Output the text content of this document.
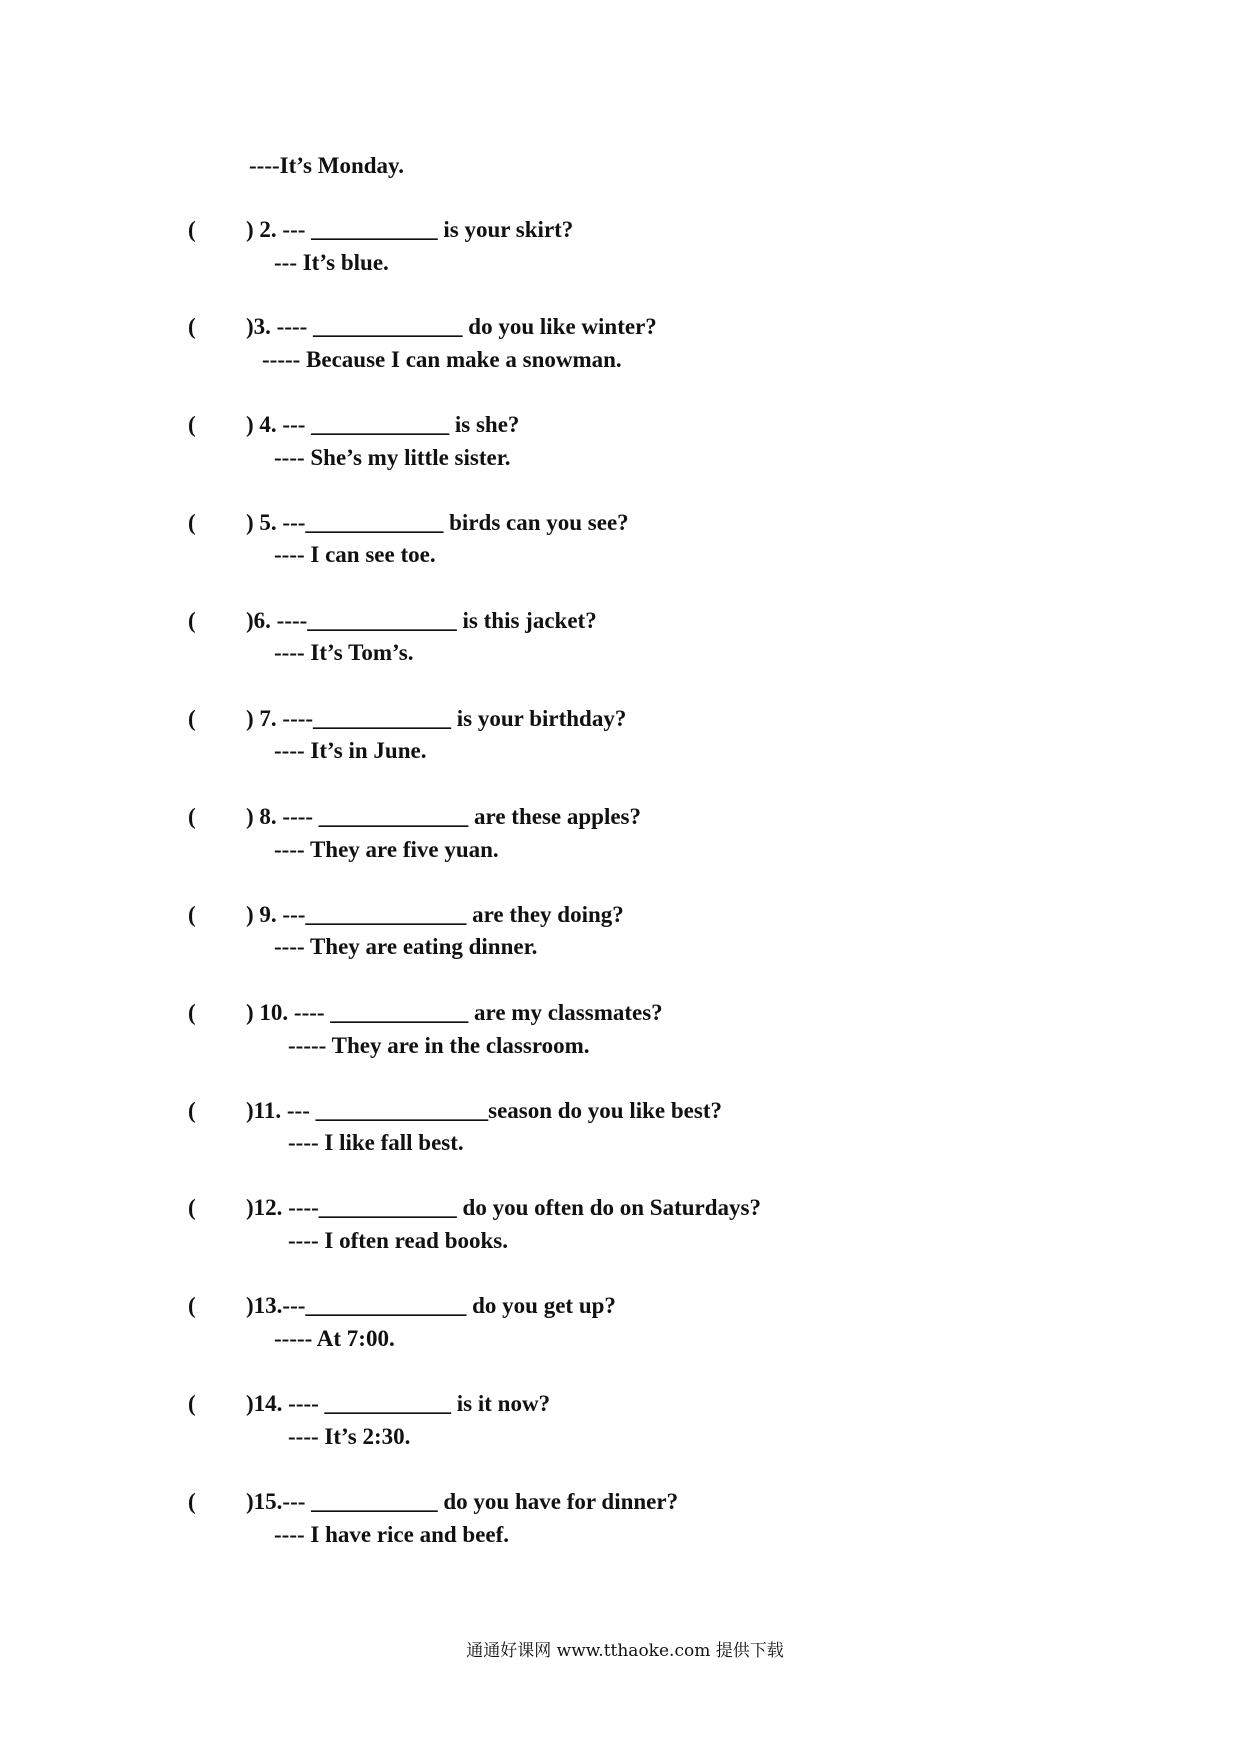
----It’s Monday.
( ) 2. --- ___________ is your skirt?
--- It’s blue.
( )3. ---- _____________ do you like winter?
----- Because I can make a snowman.
( ) 4. --- ____________ is she?
---- She’s my little sister.
( ) 5. ---____________ birds can you see?
---- I can see toe.
( )6. ----_____________ is this jacket?
---- It’s Tom’s.
( ) 7. ----____________ is your birthday?
---- It’s in June.
( ) 8. ---- _____________ are these apples?
---- They are five yuan.
( ) 9. ---______________ are they doing?
---- They are eating dinner.
( ) 10. ---- ____________ are my classmates?
----- They are in the classroom.
( )11. --- _______________season do you like best?
---- I like fall best.
( )12. ----____________ do you often do on Saturdays?
---- I often read books.
( )13.---______________ do you get up?
----- At 7:00.
( )14. ---- ___________ is it now?
---- It’s 2:30.
( )15.--- ___________ do you have for dinner?
---- I have rice and beef.
通通好课网 www.tthaoke.com 提供下载
